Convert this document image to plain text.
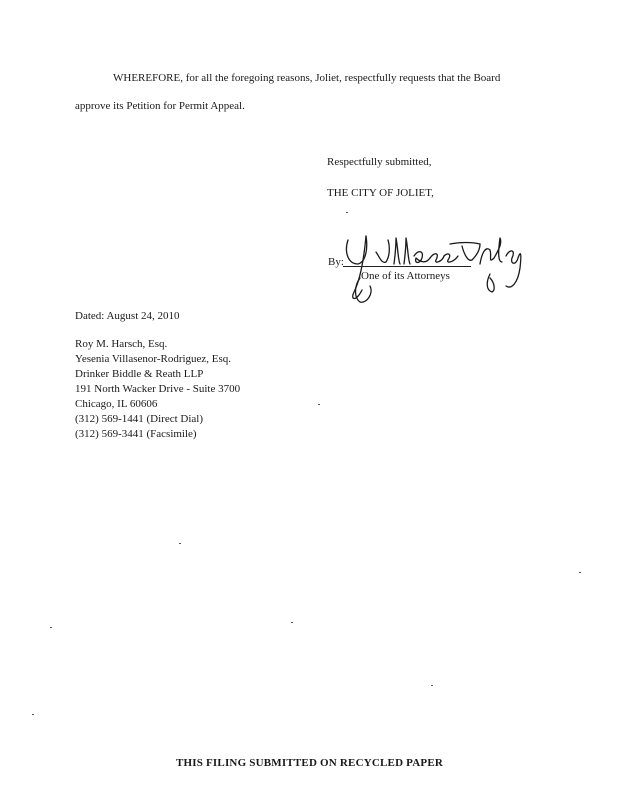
WHEREFORE, for all the foregoing reasons, Joliet, respectfully requests that the Board
approve its Petition for Permit Appeal.
Respectfully submitted,
THE CITY OF JOLIET,
By:
One of its Attorneys
Dated: August 24, 2010
Roy M. Harsch, Esq.
Yesenia Villasenor-Rodriguez, Esq.
Drinker Biddle & Reath LLP
191 North Wacker Drive - Suite 3700
Chicago, IL 60606
(312) 569-1441 (Direct Dial)
(312) 569-3441 (Facsimile)
THIS FILING SUBMITTED ON RECYCLED PAPER
